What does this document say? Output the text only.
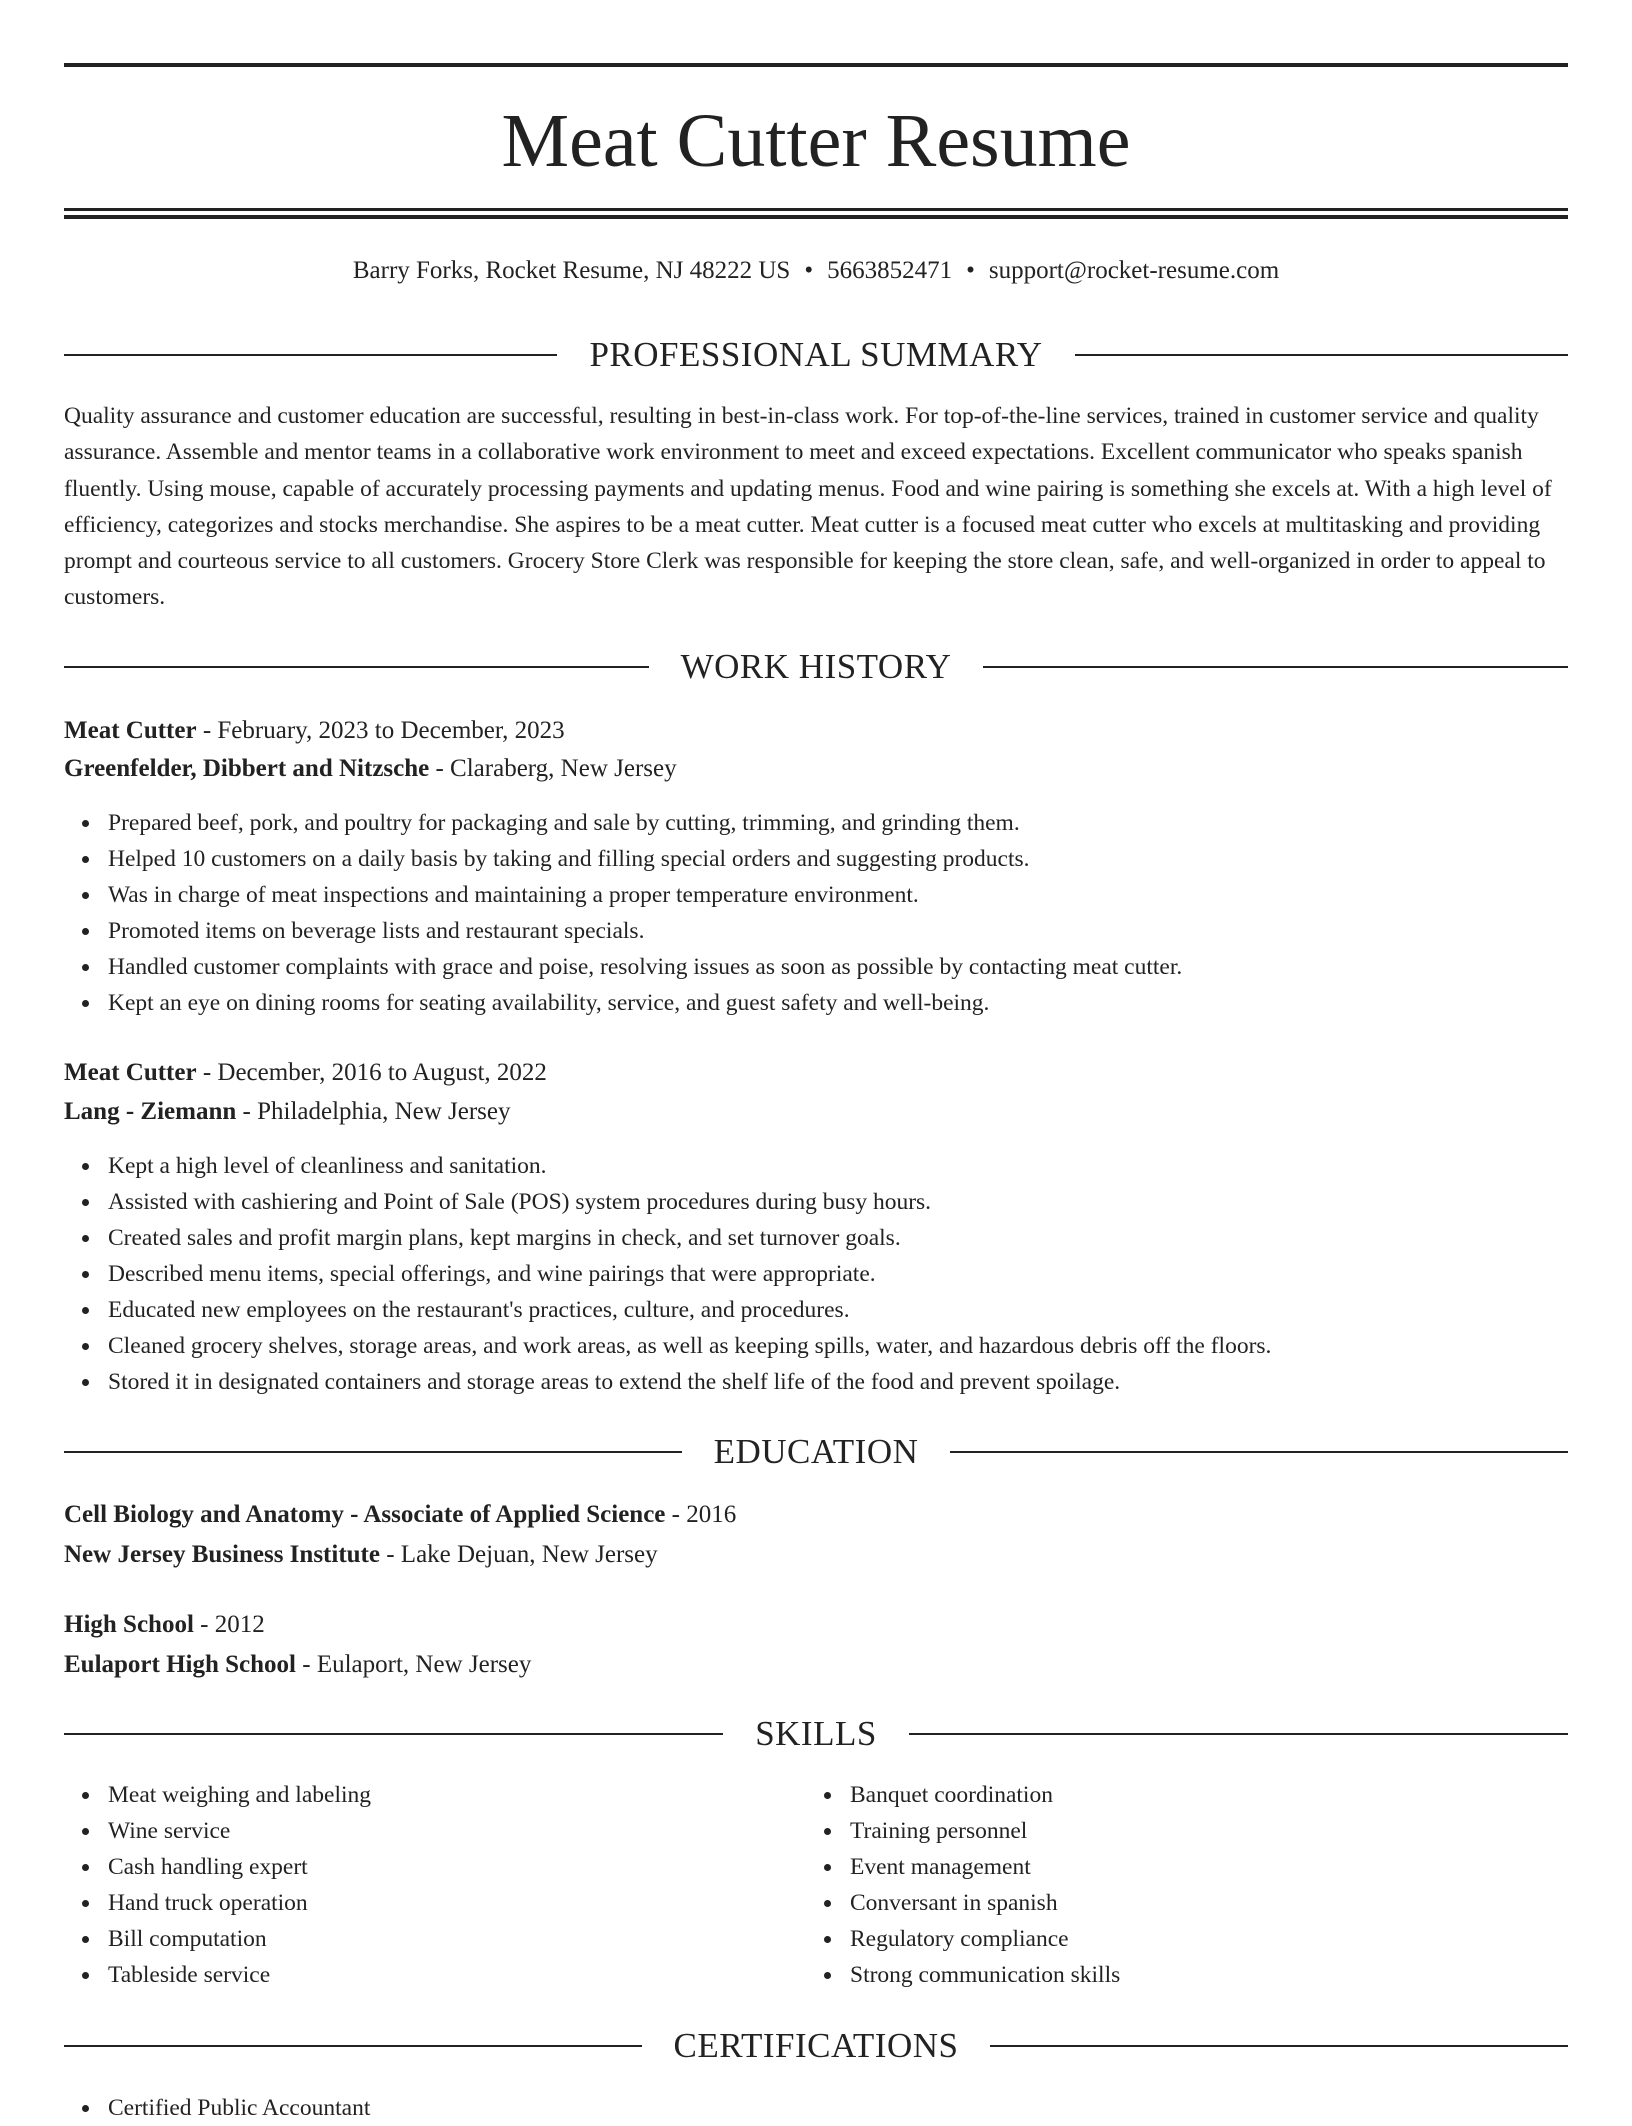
Meat Cutter Resume
Barry Forks, Rocket Resume, NJ 48222 US • 5663852471 • support@rocket-resume.com
PROFESSIONAL SUMMARY

Quality assurance and customer education are successful, resulting in best-in-class work. For top-of-the-line services, trained in customer service and quality assurance. Assemble and mentor teams in a collaborative work environment to meet and exceed expectations. Excellent communicator who speaks spanish fluently. Using mouse, capable of accurately processing payments and updating menus. Food and wine pairing is something she excels at. With a high level of efficiency, categorizes and stocks merchandise. She aspires to be a meat cutter. Meat cutter is a focused meat cutter who excels at multitasking and providing prompt and courteous service to all customers. Grocery Store Clerk was responsible for keeping the store clean, safe, and well-organized in order to appeal to customers.

WORK HISTORY
Meat Cutter - February, 2023 to December, 2023
Greenfelder, Dibbert and Nitzsche - Claraberg, New Jersey
Prepared beef, pork, and poultry for packaging and sale by cutting, trimming, and grinding them.
Helped 10 customers on a daily basis by taking and filling special orders and suggesting products.
Was in charge of meat inspections and maintaining a proper temperature environment.
Promoted items on beverage lists and restaurant specials.
Handled customer complaints with grace and poise, resolving issues as soon as possible by contacting meat cutter.
Kept an eye on dining rooms for seating availability, service, and guest safety and well-being.
Meat Cutter - December, 2016 to August, 2022
Lang - Ziemann - Philadelphia, New Jersey
Kept a high level of cleanliness and sanitation.
Assisted with cashiering and Point of Sale (POS) system procedures during busy hours.
Created sales and profit margin plans, kept margins in check, and set turnover goals.
Described menu items, special offerings, and wine pairings that were appropriate.
Educated new employees on the restaurant's practices, culture, and procedures.
Cleaned grocery shelves, storage areas, and work areas, as well as keeping spills, water, and hazardous debris off the floors.
Stored it in designated containers and storage areas to extend the shelf life of the food and prevent spoilage.
EDUCATION
Cell Biology and Anatomy - Associate of Applied Science - 2016
New Jersey Business Institute - Lake Dejuan, New Jersey
High School - 2012
Eulaport High School - Eulaport, New Jersey
SKILLS
Meat weighing and labeling
Wine service
Cash handling expert
Hand truck operation
Bill computation
Tableside service
Banquet coordination
Training personnel
Event management
Conversant in spanish
Regulatory compliance
Strong communication skills
CERTIFICATIONS
Certified Public Accountant
